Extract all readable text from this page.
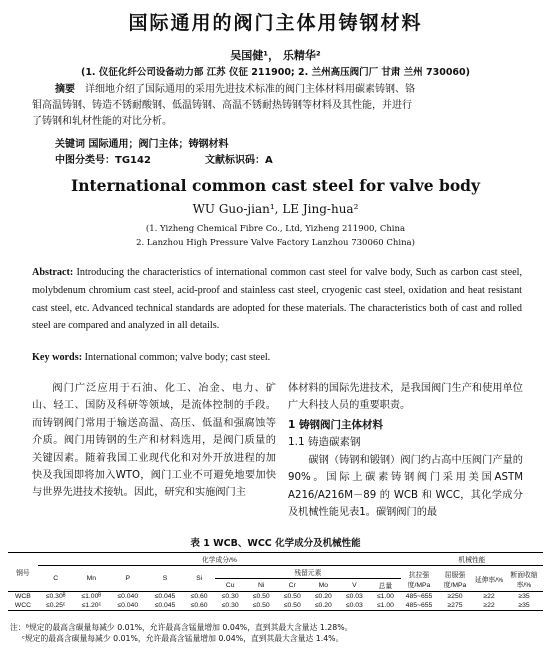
国际通用的阀门主体用铸钢材料
吴国健¹， 乐精华²
(1. 仪征化纤公司设备动力部 江苏 仪征 211900; 2. 兰州高压阀门厂 甘肃 兰州 730060)
摘要 详细地介绍了国际通用的采用先进技术标准的阀门主体材料用碳素铸钢、铬
钼高温铸钢、铸造不锈耐酸钢、低温铸钢、高温不锈耐热铸钢等材料及其性能，并进行
了铸钢和轧材性能的对比分析。
关键词 国际通用；阀门主体；铸钢材料
中图分类号：TG142	文献标识码：A
International common cast steel for valve body
WU Guo-jian¹, LE Jing-hua²
(1. Yizheng Chemical Fibre Co., Ltd, Yizheng 211900, China
2. Lanzhou High Pressure Valve Factory Lanzhou 730060 China)
Abstract: Introducing the characteristics of international common cast steel for valve body, Such as carbon cast steel, molybdenum chromium cast steel, acid-proof and stainless cast steel, cryogenic cast steel, oxidation and heat resistant cast steel, etc. Advanced technical standards are adopted for these materials. The characteristics both of cast and rolled steel are compared and analyzed in all details.
Key words: International common; valve body; cast steel.
阀门广泛应用于石油、化工、冶金、电力、矿山、轻工、国防及科研等领域，是流体控制的手段。而铸钢阀门常用于输送高温、高压、低温和强腐蚀等介质。阀门用铸钢的生产和材料选用，是阀门质量的关键因素。随着我国工业现代化和对外开放进程的加快及我国即将加入WTO，阀门工业不可避免地要加快与世界先进技术接轨。因此，研究和实施阀门主
体材料的国际先进技术，是我国阀门生产和使用单位广大科技人员的重要职责。
1 铸钢阀门主体材料
1.1 铸造碳素钢
碳钢（铸钢和锻钢）阀门约占高中压阀门产量的90%。国际上碳素铸钢阀门采用美国ASTM A216/A216M－89 的 WCB 和 WCC，其化学成分及机械性能见表1。碳钢阀门的最
表 1 WCB、WCC 化学成分及机械性能
钢号	化学成分/%											机械性能			
	C	Mn	P	S	Si	残留元素						抗拉强度/MPa	屈服强度/MPa	延伸率/%	断面收缩率/%
						Cu	Ni	Cr	Mo	V	总量				
WCB	≤0.30ᴮ	≤1.00ᴮ	≤0.040	≤0.045	≤0.60	≤0.30	≤0.50	≤0.50	≤0.20	≤0.03	≤1.00	485~655	≥250	≥22	≥35
WCC	≤0.25ᶜ	≤1.20ᶜ	≤0.040	≤0.045	≤0.60	≤0.30	≤0.50	≤0.50	≤0.20	≤0.03	≤1.00	485~655	≥275	≥22	≥35
注：ᴮ规定的最高含碳量每减少 0.01%，允许最高含锰量增加 0.04%，直到其最大含量达 1.28%。
ᶜ规定的最高含碳量每减少 0.01%，允许最高含锰量增加 0.04%，直到其最大含量达 1.4%。
